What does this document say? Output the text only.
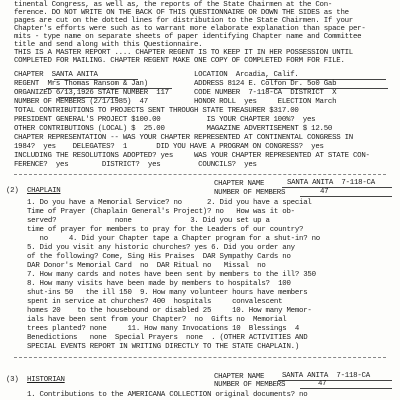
tinental Congress, as well as, the reports of the State Chairmen at the Con-
ference. DO NOT WRITE ON THE BACK OF THIS QUESTIONNAIRE OR DOWN THE SIDES as the
pages are cut on the dotted lines for distribution to the State Chairmen. If your
Chapter's efforts were such as to warrant more elaborate explanation than space per-
mits - type name on separate sheets of paper identifying Chapter name and Committee
title and send along with this Questionnaire.
THIS IS A MASTER REPORT .... CHAPTER REGENT IS TO KEEP IT IN HER POSSESSION UNTIL
COMPLETED FOR MAILING. CHAPTER REGENT MAKE ONE COPY OF COMPLETED FORM FOR FILE.
CHAPTER  SANTA ANITA                       LOCATION  Arcadia, Calif.
REGENT  Mrs Thomas Ransom & Jan)           ADDRESS 8124 E. Colfon Dr. 5o0 Gab
ORGANIZED 6/13,1926 STATE NUMBER  117      CODE NUMBER  7-118-CA  DISTRICT  X
NUMBER OF MEMBERS (2/1/1985)  47           HONOR ROLL  yes     ELECTION March
TOTAL CONTRIBUTIONS TO PROJECTS SENT THROUGH STATE TREASURER $317.00
PRESIDENT GENERAL'S PROJECT $100.00           IS YOUR CHAPTER 100%?  yes
OTHER CONTRIBUTIONS (LOCAL) $  25.00          MAGAZINE ADVERTISEMENT $ 12.50
CHAPTER REPRESENTATION -- WAS YOUR CHAPTER REPRESENTED AT CONTINENTAL CONGRESS IN
1984?  yes    DELEGATES?  1       DID YOU HAVE A PROGRAM ON CONGRESS?  yes
INCLUDING THE RESOLUTIONS ADOPTED? yes     WAS YOUR CHAPTER REPRESENTED AT STATE CON-
FERENCE?  yes        DISTRICT?  yes         COUNCILS?  yes
(2) CHAPLAIN
CHAPTER NAME	SANTA ANITA  7-118-CA
NUMBER OF MEMBERS	47
1. Do you have a Memorial Service? no      2. Did you have a special
Time of Prayer (Chaplain General's Project)? no   How was it ob-
served?              none              3. Did you set up a
time of prayer for members to pray for the Leaders of our country?
no     4. Did your Chapter tape a Chapter program for a shut-in? no
5. Did you visit any historic churches? yes 6. Did you order any
of the following? Come, Sing His Praises  DAR Sympathy Cards no
DAR Donor's Memorial Card  no  DAR Ritual no   Missal  no
7. How many cards and notes have been sent by members to the ill? 350
8. How many visits have been made by members to hospitals?  100
shut-ins 50   the ill 150  9. How many volunteer hours have members
spent in service at churches? 400  hospitals     convalescent
homes 20    to the housebound or disabled 25     10. How many Memor-
ials have been sent from your Chapter?  no  Gifts no  Memorial
trees planted? none     11. How many Invocations 10  Blessings  4
Benedictions   none  Special Prayers  none  . (OTHER ACTIVITIES AND
SPECIAL EVENTS REPORT IN WRITING DIRECTLY TO THE STATE CHAPLAIN.)
(3) HISTORIAN	CHAPTER NAME SANTA ANITA  7-118-CA
NUMBER OF MEMBERS	47
1. Contributions to the AMERICANA COLLECTION original documents? no
